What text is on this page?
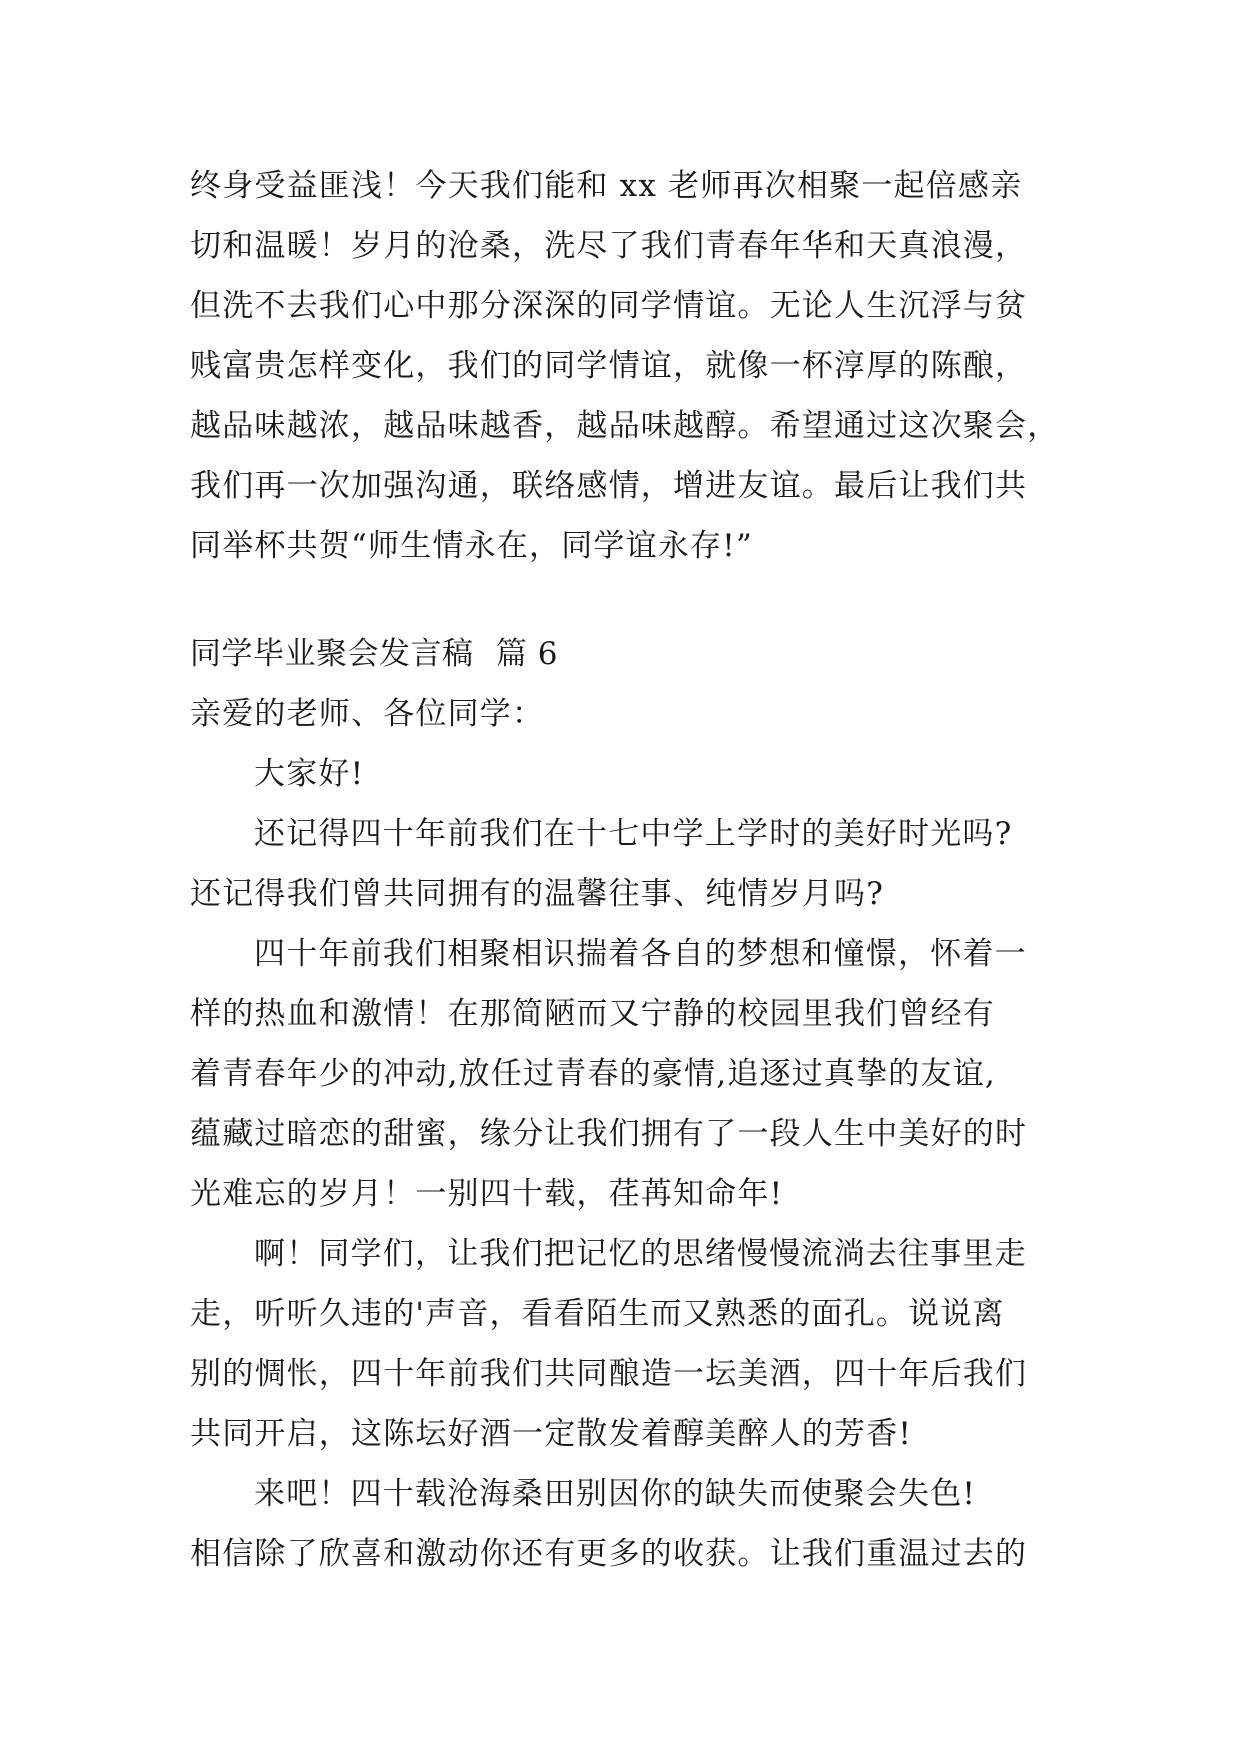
终身受益匪浅！今天我们能和 xx 老师再次相聚一起倍感亲
切和温暖！岁月的沧桑，洗尽了我们青春年华和天真浪漫，
但洗不去我们心中那分深深的同学情谊。无论人生沉浮与贫
贱富贵怎样变化，我们的同学情谊，就像一杯淳厚的陈酿，
越品味越浓，越品味越香，越品味越醇。希望通过这次聚会，
我们再一次加强沟通，联络感情，增进友谊。最后让我们共
同举杯共贺“师生情永在，同学谊永存!”
同学毕业聚会发言稿 篇 6
亲爱的老师、各位同学：
大家好!
还记得四十年前我们在十七中学上学时的美好时光吗?
还记得我们曾共同拥有的温馨往事、纯情岁月吗?
四十年前我们相聚相识揣着各自的梦想和憧憬，怀着一
样的热血和激情！在那简陋而又宁静的校园里我们曾经有
着青春年少的冲动,放任过青春的豪情,追逐过真挚的友谊,
蕴藏过暗恋的甜蜜，缘分让我们拥有了一段人生中美好的时
光难忘的岁月！一别四十载，荏苒知命年!
啊！同学们，让我们把记忆的思绪慢慢流淌去往事里走
走，听听久违的'声音，看看陌生而又熟悉的面孔。说说离
别的惆怅，四十年前我们共同酿造一坛美酒，四十年后我们
共同开启，这陈坛好酒一定散发着醇美醉人的芳香!
来吧！四十载沧海桑田别因你的缺失而使聚会失色!
相信除了欣喜和激动你还有更多的收获。让我们重温过去的
